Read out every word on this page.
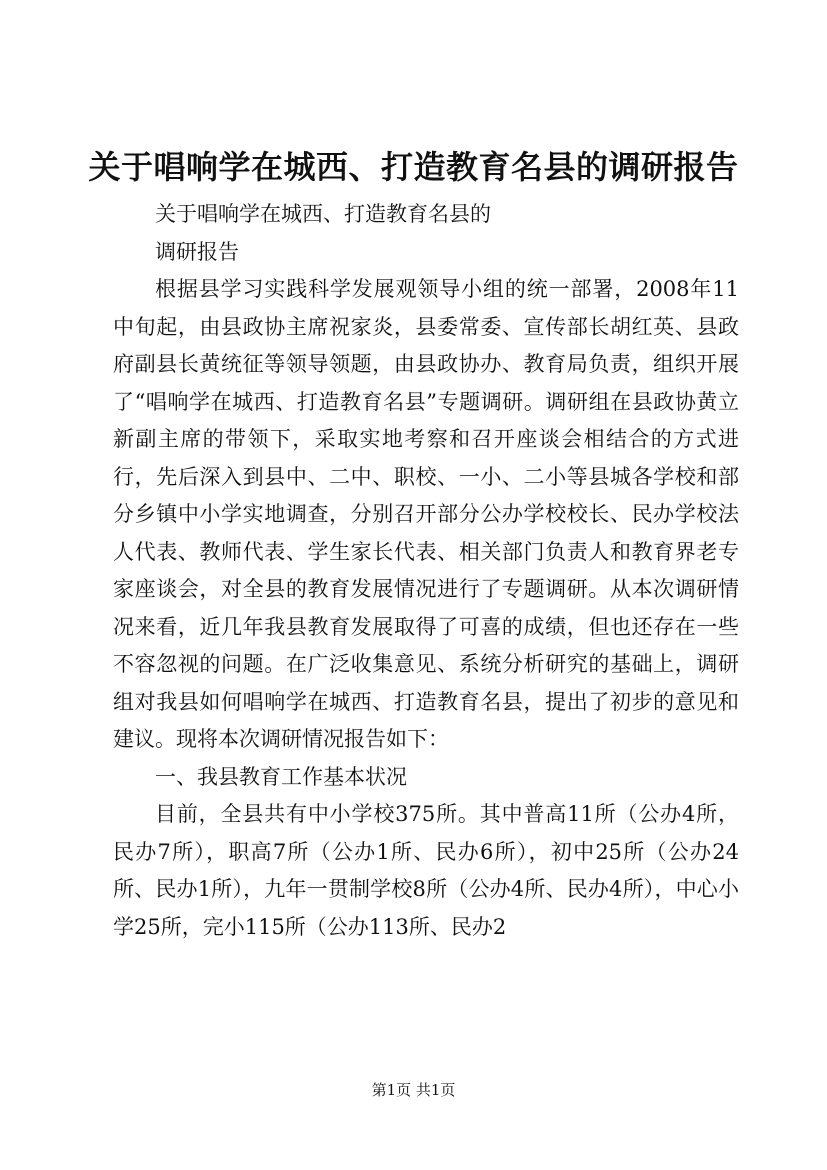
关于唱响学在城西、打造教育名县的调研报告

关于唱响学在城西、打造教育名县的

调研报告

根据县学习实践科学发展观领导小组的统一部署，2008年11中旬起，由县政协主席祝家炎，县委常委、宣传部长胡红英、县政府副县长黄统征等领导领题，由县政协办、教育局负责，组织开展了“唱响学在城西、打造教育名县”专题调研。调研组在县政协黄立新副主席的带领下，采取实地考察和召开座谈会相结合的方式进行，先后深入到县中、二中、职校、一小、二小等县城各学校和部分乡镇中小学实地调查，分别召开部分公办学校校长、民办学校法人代表、教师代表、学生家长代表、相关部门负责人和教育界老专家座谈会，对全县的教育发展情况进行了专题调研。从本次调研情况来看，近几年我县教育发展取得了可喜的成绩，但也还存在一些不容忽视的问题。在广泛收集意见、系统分析研究的基础上，调研组对我县如何唱响学在城西、打造教育名县，提出了初步的意见和建议。现将本次调研情况报告如下：

一、我县教育工作基本状况

目前，全县共有中小学校375所。其中普高11所（公办4所，民办7所），职高7所（公办1所、民办6所），初中25所（公办24所、民办1所），九年一贯制学校8所（公办4所、民办4所），中心小学25所，完小115所（公办113所、民办2

第1页 共1页
